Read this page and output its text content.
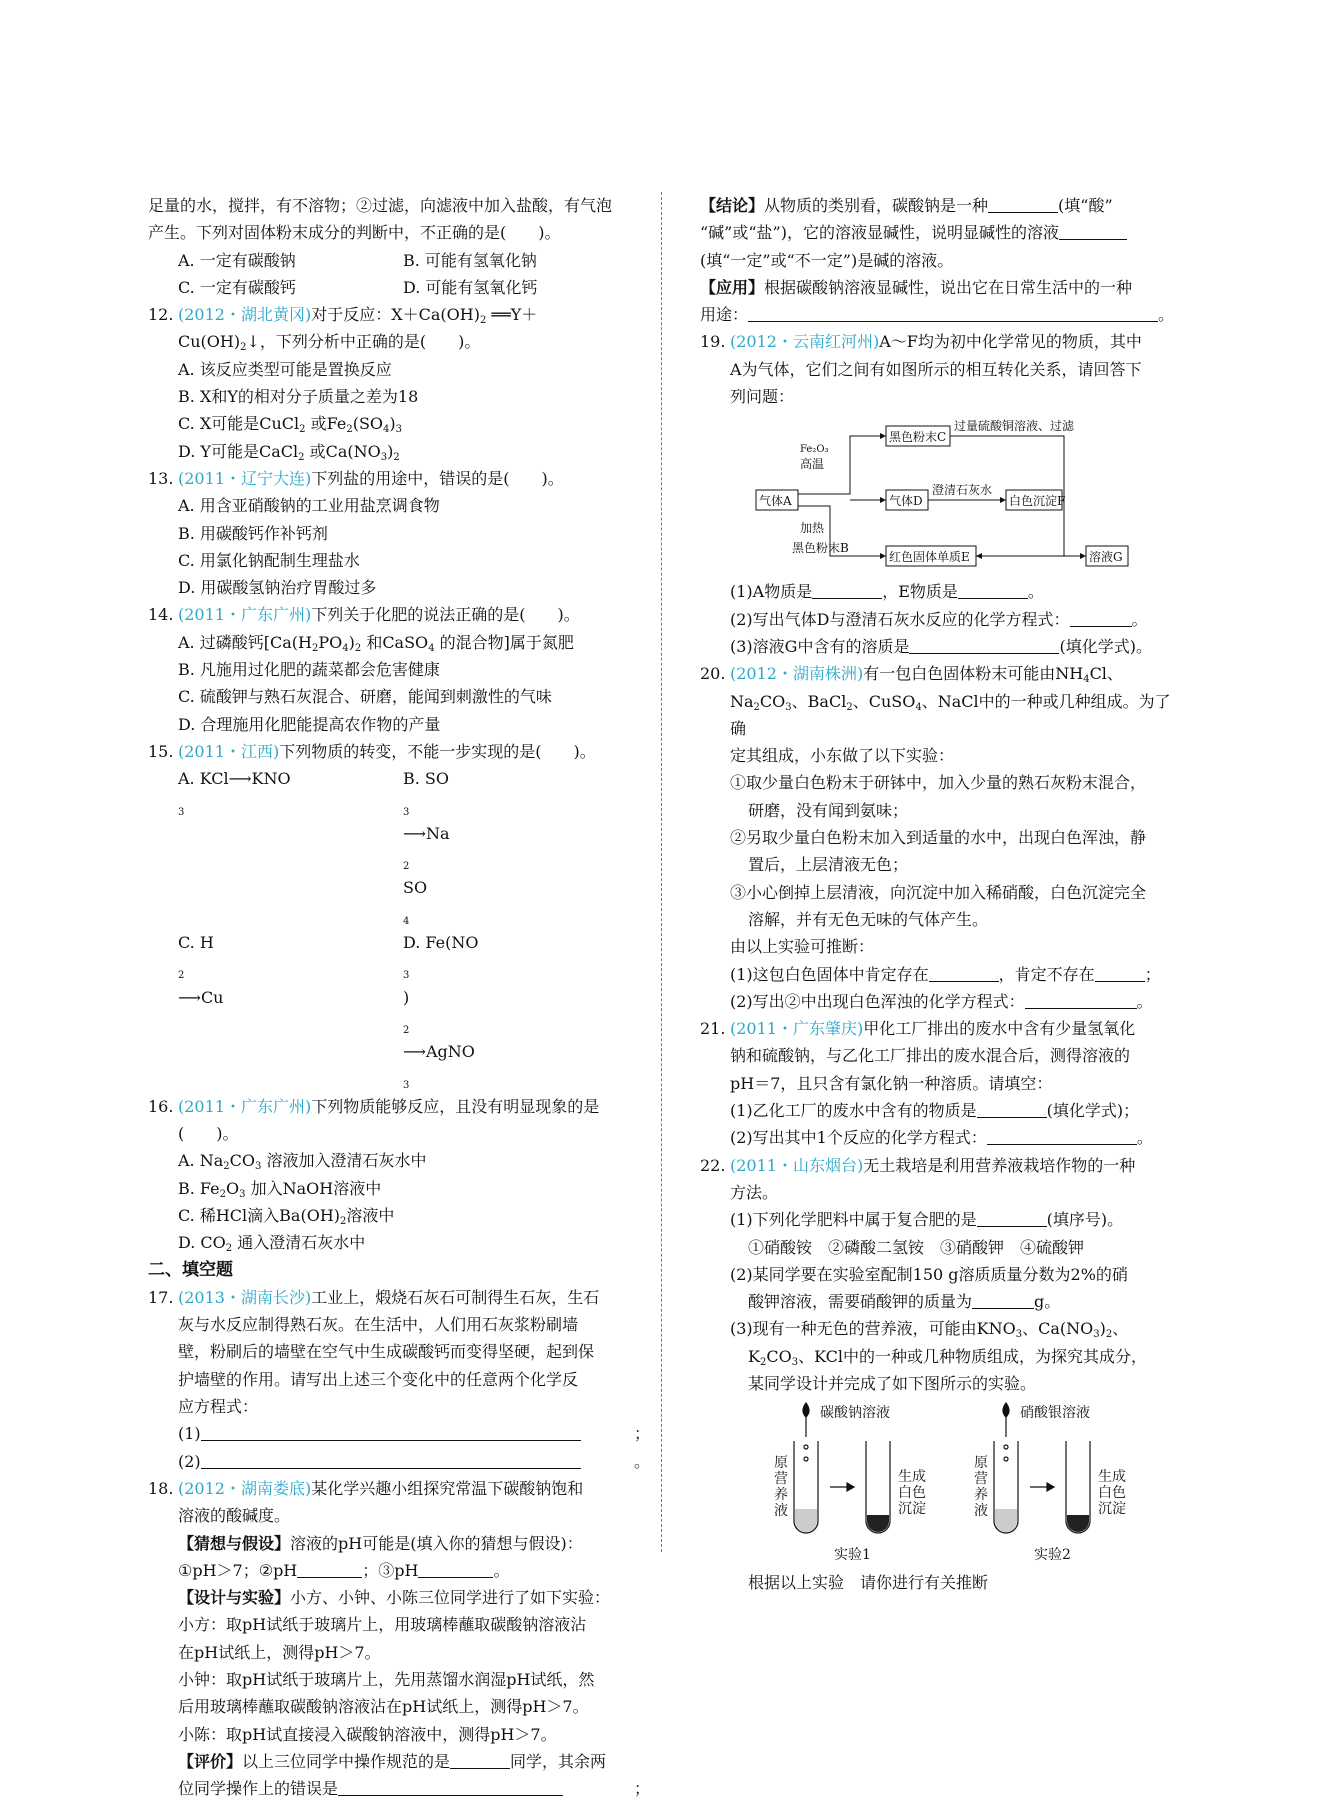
足量的水，搅拌，有不溶物；②过滤，向滤液中加入盐酸，有气泡
产生。下列对固体粉末成分的判断中，不正确的是(　　)。
A. 一定有碳酸钠	B. 可能有氢氧化钠
C. 一定有碳酸钙	D. 可能有氢氧化钙
12. (2012・湖北黄冈)对于反应：$X+Ca(OH)_2$ ══Y＋
$Cu(OH)_2↓$，下列分析中正确的是(　　)。
A. 该反应类型可能是置换反应
B. X和Y的相对分子质量之差为18
C. X可能是CuCl$_2$ 或$Fe_2(SO_4)_3$
D. Y可能是CaCl$_2$ 或$Ca(NO_3)_2$
13. (2011・辽宁大连)下列盐的用途中，错误的是(　　)。
A. 用含亚硝酸钠的工业用盐烹调食物
B. 用碳酸钙作补钙剂
C. 用氯化钠配制生理盐水
D. 用碳酸氢钠治疗胃酸过多
14. (2011・广东广州)下列关于化肥的说法正确的是(　　)。
A. 过磷酸钙[$Ca(H_2PO_4)_2$ 和CaSO$_4$ 的混合物]属于氮肥
B. 凡施用过化肥的蔬菜都会危害健康
C. 硫酸钾与熟石灰混合、研磨，能闻到刺激性的气味
D. 合理施用化肥能提高农作物的产量
15. (2011・江西)下列物质的转变，不能一步实现的是(　　)。
A. $KCl⟶KNO_3$
B. $SO_3⟶Na_2SO_4$
C. $H_2⟶Cu$
D. $Fe(NO_3)_2⟶AgNO_3$
16. (2011・广东广州)下列物质能够反应，且没有明显现象的是
(　　)。
A. $Na_2CO_3$ 溶液加入澄清石灰水中
B. $Fe_2O_3$ 加入NaOH溶液中
C. 稀HCl滴入$Ba(OH)_2$溶液中
D. $CO_2$ 通入澄清石灰水中
二、填空题
17. (2013・湖南长沙)工业上，煅烧石灰石可制得生石灰，生石
灰与水反应制得熟石灰。在生活中，人们用石灰浆粉刷墙
壁，粉刷后的墙壁在空气中生成碳酸钙而变得坚硬，起到保
护墙壁的作用。请写出上述三个变化中的任意两个化学反
应方程式：
(1)	；
(2)	。
18. (2012・湖南娄底)某化学兴趣小组探究常温下碳酸钠饱和
溶液的酸碱度。
【猜想与假设】溶液的pH可能是(填入你的猜想与假设)：
①pH＞7；②pH	；③pH	。
【设计与实验】小方、小钟、小陈三位同学进行了如下实验：
小方：取pH试纸于玻璃片上，用玻璃棒蘸取碳酸钠溶液沾
在pH试纸上，测得pH＞7。
小钟：取pH试纸于玻璃片上，先用蒸馏水润湿pH试纸，然
后用玻璃棒蘸取碳酸钠溶液沾在pH试纸上，测得pH＞7。
小陈：取pH试直接浸入碳酸钠溶液中，测得pH＞7。
【评价】以上三位同学中操作规范的是	同学，其余两
位同学操作上的错误是	；
【结论】从物质的类别看，碳酸钠是一种	(填“酸”
“碱”或“盐”)，它的溶液显碱性，说明显碱性的溶液
(填“一定”或“不一定”)是碱的溶液。
【应用】根据碳酸钠溶液显碱性，说出它在日常生活中的一种
用途：	。
19. (2012・云南红河州)A～F均为初中化学常见的物质，其中
A为气体，它们之间有如图所示的相互转化关系，请回答下
列问题：
气体A
黑色粉末C
气体D	白色沉淀F
红色固体单质E	溶液G
Fe₂O₃
高温
加热
黑色粉末B
过量硫酸铜溶液、过滤
澄清石灰水
(1)A物质是	，E物质是	。
(2)写出气体D与澄清石灰水反应的化学方程式：	。
(3)溶液G中含有的溶质是	(填化学式)。
20. (2012・湖南株洲)有一包白色固体粉末可能由$NH_4Cl$、
$Na_2CO_3$、BaCl$_2$、CuSO$_4$、NaCl中的一种或几种组成。为了确
定其组成，小东做了以下实验：
①取少量白色粉末于研钵中，加入少量的熟石灰粉末混合，
研磨，没有闻到氨味；
②另取少量白色粉末加入到适量的水中，出现白色浑浊，静
置后，上层清液无色；
③小心倒掉上层清液，向沉淀中加入稀硝酸，白色沉淀完全
溶解，并有无色无味的气体产生。
由以上实验可推断：
(1)这包白色固体中肯定存在	，肯定不存在	；
(2)写出②中出现白色浑浊的化学方程式：	。
21. (2011・广东肇庆)甲化工厂排出的废水中含有少量氢氧化
钠和硫酸钠，与乙化工厂排出的废水混合后，测得溶液的
pH＝7，且只含有氯化钠一种溶质。请填空：
(1)乙化工厂的废水中含有的物质是	(填化学式)；
(2)写出其中1个反应的化学方程式：	。
22. (2011・山东烟台)无土栽培是利用营养液栽培作物的一种
方法。
(1)下列化学肥料中属于复合肥的是	(填序号)。
①硝酸铵　②磷酸二氢铵　③硝酸钾　④硫酸钾
(2)某同学要在实验室配制150 g溶质质量分数为2%的硝
酸钾溶液，需要硝酸钾的质量为	g。
(3)现有一种无色的营养液，可能由$KNO_3$、$Ca(NO_3)_2$、
$K_2CO_3$、KCl中的一种或几种物质组成，为探究其成分，
某同学设计并完成了如下图所示的实验。
碳酸钠溶液	硝酸银溶液
原
营
养
液
原
营
养
液
生成
白色
沉淀
生成
白色
沉淀
实验1	实验2
根据以上实验　请你进行有关推断
